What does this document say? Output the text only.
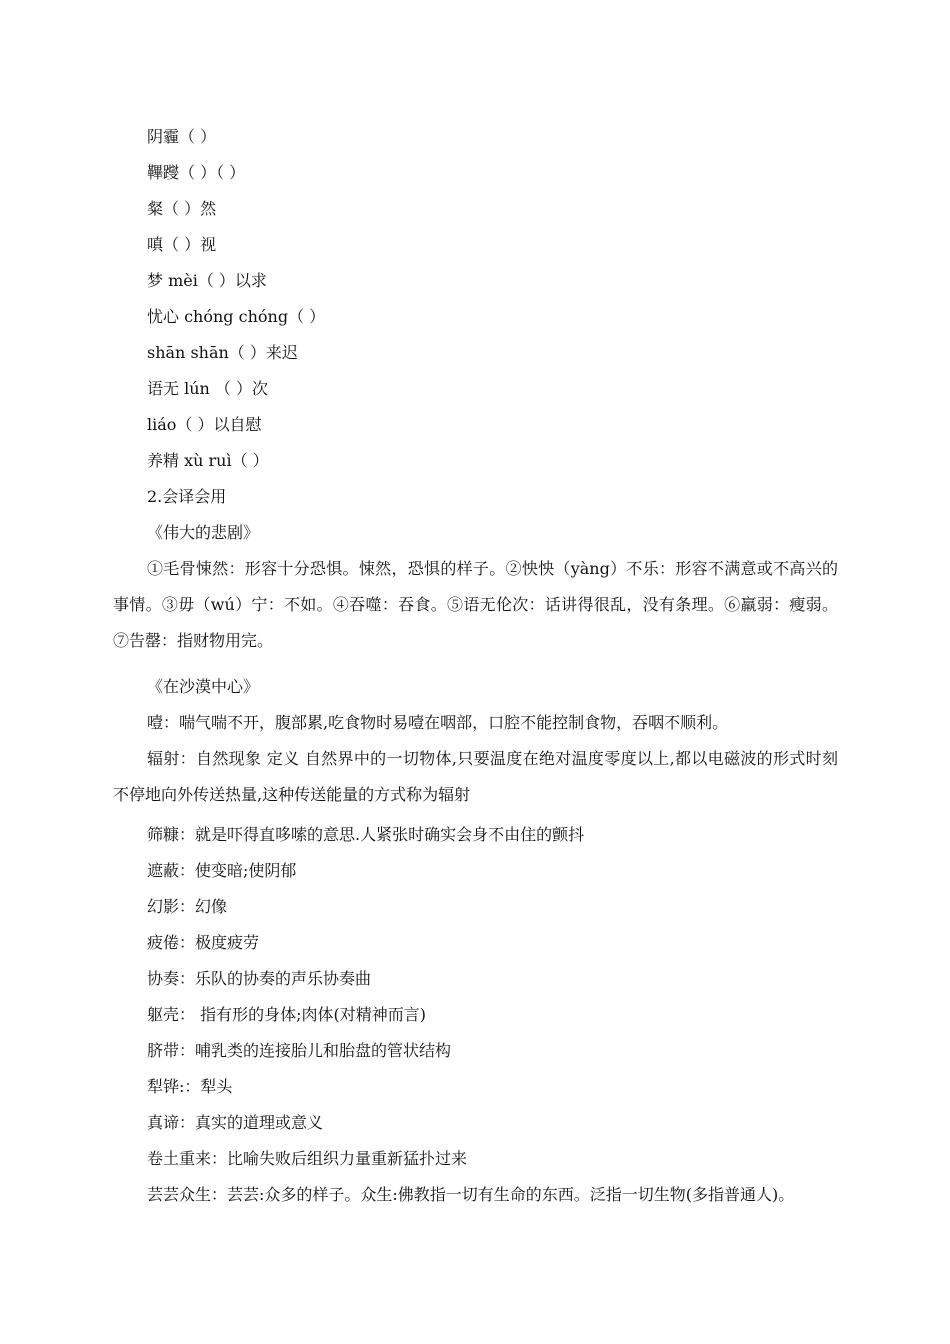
阴霾（ ）
鞸躞（ ）（ ）
粲（ ）然
嗔（ ）视
梦 mèi（ ）以求
忧心 chóng chóng（ ）
shān shān（ ）来迟
语无 lún （ ）次
liáo（ ）以自慰
养精 xù ruì（ ）
2.会译会用
《伟大的悲剧》
①毛骨悚然：形容十分恐惧。悚然，恐惧的样子。②怏怏（yàng）不乐：形容不满意或不高兴的事情。③毋（wú）宁：不如。④吞噬：吞食。⑤语无伦次：话讲得很乱，没有条理。⑥羸弱：瘦弱。⑦告罄：指财物用完。
《在沙漠中心》
噎：喘气喘不开，腹部累,吃食物时易噎在咽部，口腔不能控制食物，吞咽不顺利。
辐射：自然现象 定义 自然界中的一切物体,只要温度在绝对温度零度以上,都以电磁波的形式时刻不停地向外传送热量,这种传送能量的方式称为辐射
筛糠：就是吓得直哆嗦的意思.人紧张时确实会身不由住的颤抖
遮蔽：使变暗;使阴郁
幻影：幻像
疲倦：极度疲劳
协奏：乐队的协奏的声乐协奏曲
躯壳： 指有形的身体;肉体(对精神而言)
脐带：哺乳类的连接胎儿和胎盘的管状结构
犁铧:：犁头
真谛：真实的道理或意义
卷土重来：比喻失败后组织力量重新猛扑过来
芸芸众生：芸芸:众多的样子。众生:佛教指一切有生命的东西。泛指一切生物(多指普通人)。
